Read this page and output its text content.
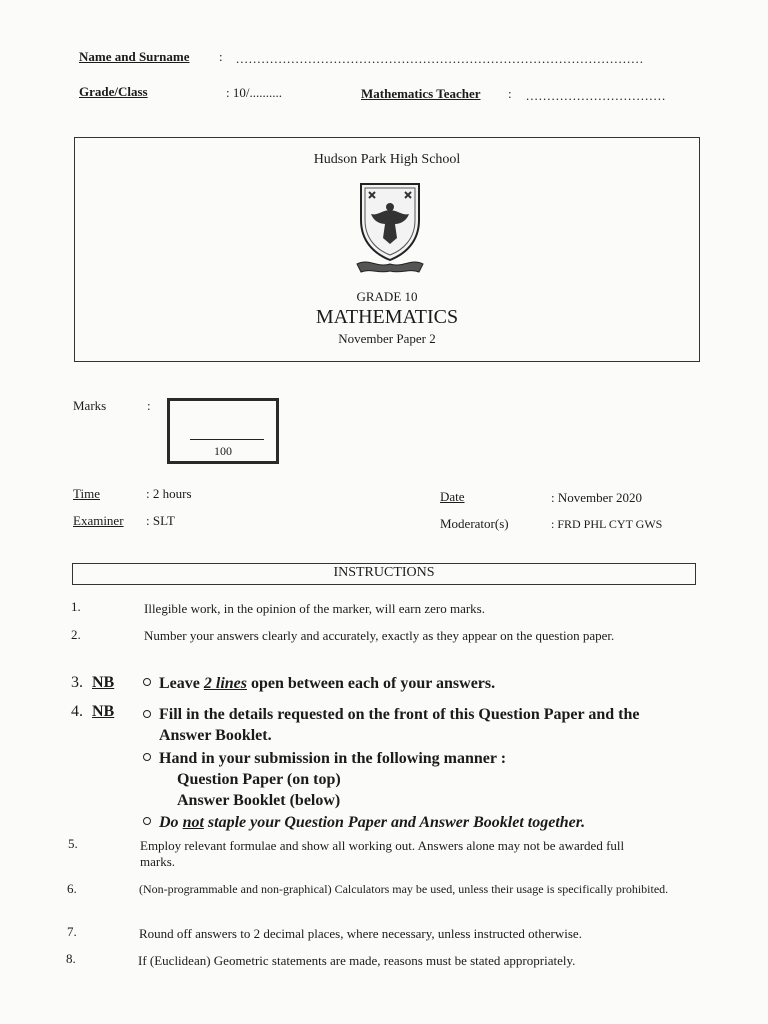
Name and Surname : ................................................................................................
Grade/Class	: 10/..........	Mathematics Teacher : .................................
Hudson Park High School
GRADE 10
MATHEMATICS
November Paper 2
Marks	:
100
Time	: 2 hours
Examiner : SLT
Date	: November 2020
Moderator(s)	: FRD PHL CYT GWS
INSTRUCTIONS
1.	Illegible work, in the opinion of the marker, will earn zero marks.
2.	Number your answers clearly and accurately, exactly as they appear on the question paper.
3. NB	Leave 2 lines open between each of your answers.
4. NB	Fill in the details requested on the front of this Question Paper and the Answer Booklet.
Hand in your submission in the following manner :
Question Paper (on top)
Answer Booklet (below)
Do not staple your Question Paper and Answer Booklet together.
5.	Employ relevant formulae and show all working out. Answers alone may not be awarded full marks.
6.	(Non-programmable and non-graphical) Calculators may be used, unless their usage is specifically prohibited.
7.	Round off answers to 2 decimal places, where necessary, unless instructed otherwise.
8.	If (Euclidean) Geometric statements are made, reasons must be stated appropriately.
